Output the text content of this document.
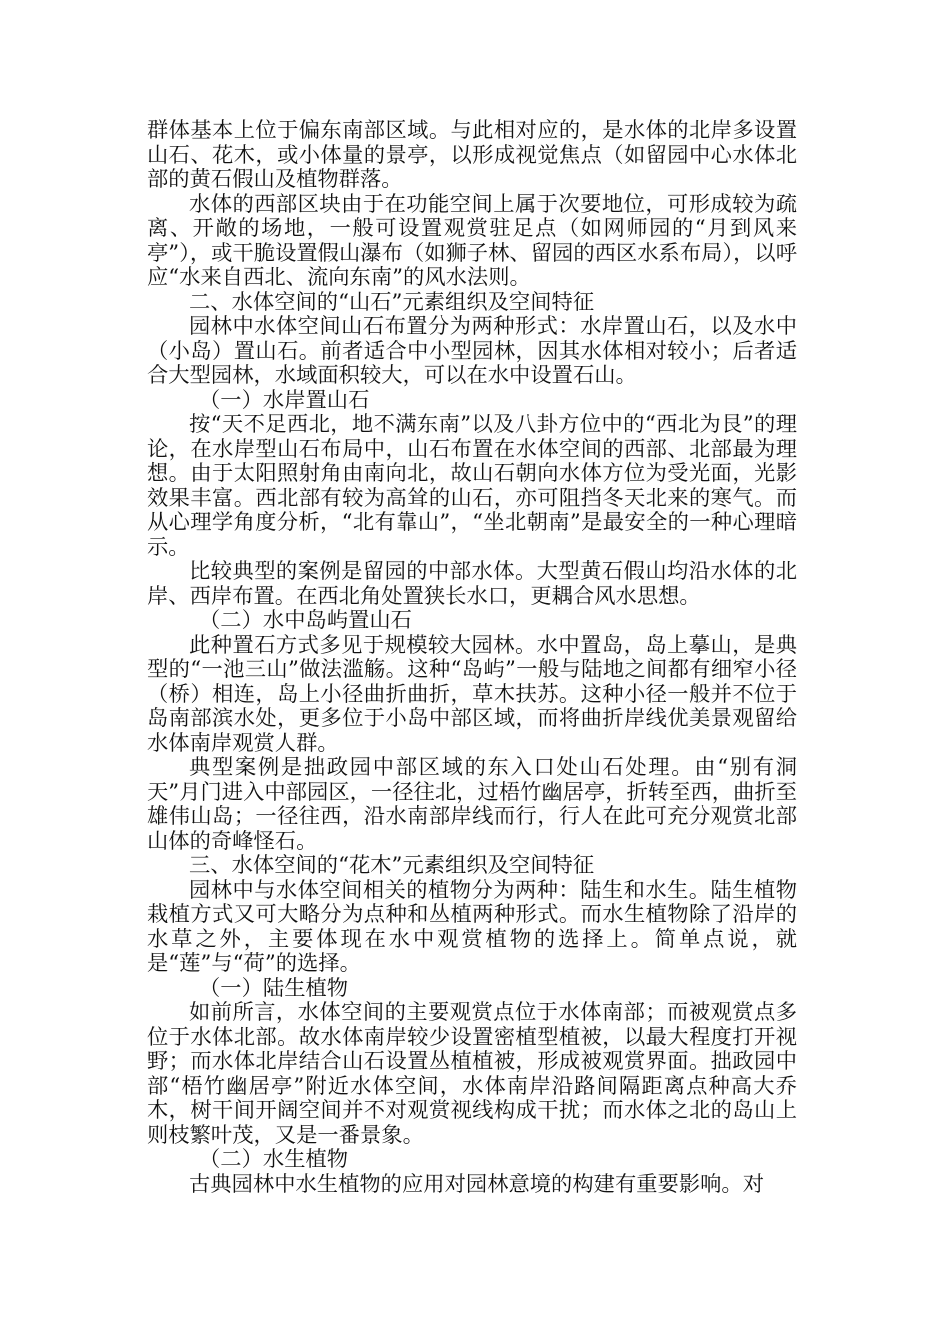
群体基本上位于偏东南部区域。与此相对应的，是水体的北岸多设置山石、花木，或小体量的景亭，以形成视觉焦点（如留园中心水体北部的黄石假山及植物群落。

水体的西部区块由于在功能空间上属于次要地位，可形成较为疏离、开敞的场地，一般可设置观赏驻足点（如网师园的“月到风来亭”），或干脆设置假山瀑布（如狮子林、留园的西区水系布局），以呼应“水来自西北、流向东南”的风水法则。

二、水体空间的“山石”元素组织及空间特征

园林中水体空间山石布置分为两种形式：水岸置山石，以及水中（小岛）置山石。前者适合中小型园林，因其水体相对较小；后者适合大型园林，水域面积较大，可以在水中设置石山。

（一）水岸置山石

按“天不足西北，地不满东南”以及八卦方位中的“西北为艮”的理论，在水岸型山石布局中，山石布置在水体空间的西部、北部最为理想。由于太阳照射角由南向北，故山石朝向水体方位为受光面，光影效果丰富。西北部有较为高耸的山石，亦可阻挡冬天北来的寒气。而从心理学角度分析，“北有靠山”，“坐北朝南”是最安全的一种心理暗示。

比较典型的案例是留园的中部水体。大型黄石假山均沿水体的北岸、西岸布置。在西北角处置狭长水口，更耦合风水思想。

（二）水中岛屿置山石

此种置石方式多见于规模较大园林。水中置岛，岛上摹山，是典型的“一池三山”做法滥觞。这种“岛屿”一般与陆地之间都有细窄小径（桥）相连，岛上小径曲折曲折，草木扶苏。这种小径一般并不位于岛南部滨水处，更多位于小岛中部区域，而将曲折岸线优美景观留给水体南岸观赏人群。

典型案例是拙政园中部区域的东入口处山石处理。由“别有洞天”月门进入中部园区，一径往北，过梧竹幽居亭，折转至西，曲折至雄伟山岛；一径往西，沿水南部岸线而行，行人在此可充分观赏北部山体的奇峰怪石。

三、水体空间的“花木”元素组织及空间特征

园林中与水体空间相关的植物分为两种：陆生和水生。陆生植物栽植方式又可大略分为点种和丛植两种形式。而水生植物除了沿岸的水草之外，主要体现在水中观赏植物的选择上。简单点说，就是“莲”与“荷”的选择。

（一）陆生植物

如前所言，水体空间的主要观赏点位于水体南部；而被观赏点多位于水体北部。故水体南岸较少设置密植型植被，以最大程度打开视野；而水体北岸结合山石设置丛植植被，形成被观赏界面。拙政园中部“梧竹幽居亭”附近水体空间，水体南岸沿路间隔距离点种高大乔木，树干间开阔空间并不对观赏视线构成干扰；而水体之北的岛山上则枝繁叶茂，又是一番景象。

（二）水生植物

古典园林中水生植物的应用对园林意境的构建有重要影响。对
